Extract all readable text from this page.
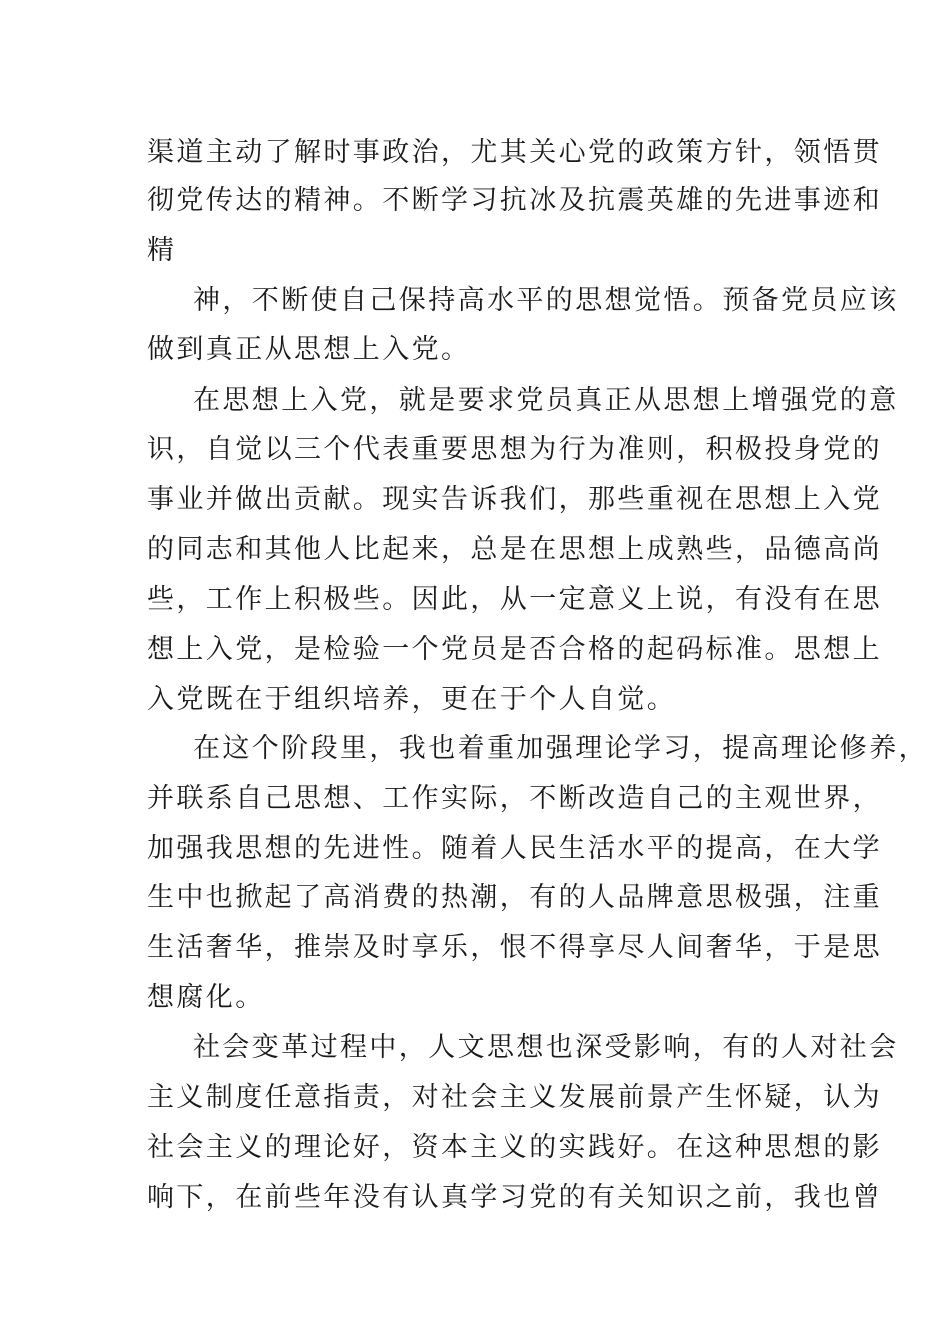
渠道主动了解时事政治，尤其关心党的政策方针，领悟贯
彻党传达的精神。不断学习抗冰及抗震英雄的先进事迹和
精
神，不断使自己保持高水平的思想觉悟。预备党员应该
做到真正从思想上入党。
在思想上入党，就是要求党员真正从思想上增强党的意
识，自觉以三个代表重要思想为行为准则，积极投身党的
事业并做出贡献。现实告诉我们，那些重视在思想上入党
的同志和其他人比起来，总是在思想上成熟些，品德高尚
些，工作上积极些。因此，从一定意义上说，有没有在思
想上入党，是检验一个党员是否合格的起码标准。思想上
入党既在于组织培养，更在于个人自觉。
在这个阶段里，我也着重加强理论学习，提高理论修养，
并联系自己思想、工作实际，不断改造自己的主观世界，
加强我思想的先进性。随着人民生活水平的提高，在大学
生中也掀起了高消费的热潮，有的人品牌意思极强，注重
生活奢华，推崇及时享乐，恨不得享尽人间奢华，于是思
想腐化。
社会变革过程中，人文思想也深受影响，有的人对社会
主义制度任意指责，对社会主义发展前景产生怀疑，认为
社会主义的理论好，资本主义的实践好。在这种思想的影
响下，在前些年没有认真学习党的有关知识之前，我也曾
